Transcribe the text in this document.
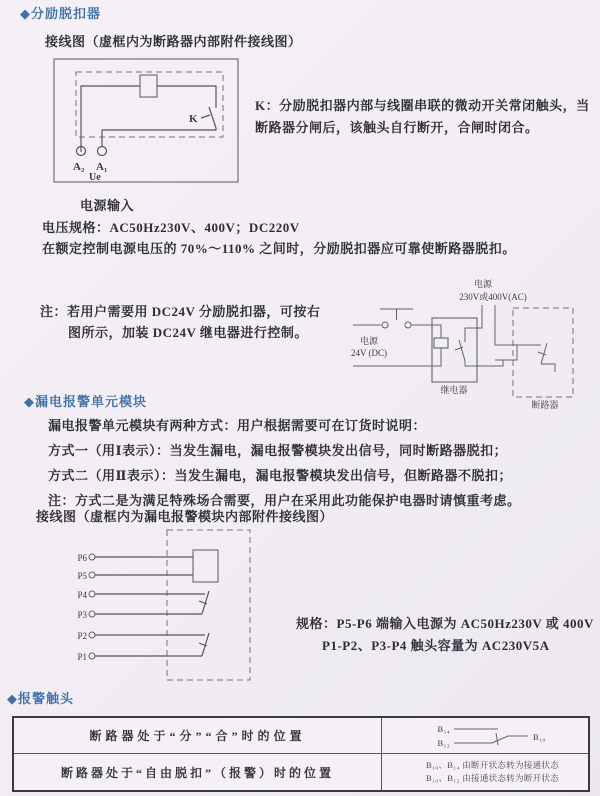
◆分励脱扣器
接线图（虚框内为断路器内部附件接线图）
K
A₂ A₁
Ue
电源输入
K：分励脱扣器内部与线圈串联的微动开关常闭触头，当断路器分闸后，该触头自行断开，合闸时闭合。
电压规格：AC50Hz230V、400V；DC220V
在额定控制电源电压的 70%～110% 之间时，分励脱扣器应可靠使断路器脱扣。
注：若用户需要用 DC24V 分励脱扣器，可按右
图所示，加装 DC24V 继电器进行控制。
电源
230V或400V(AC)
电源
24V (DC)
继电器
断路器
◆漏电报警单元模块
漏电报警单元模块有两种方式：用户根据需要可在订货时说明：
方式一（用Ⅰ表示）：当发生漏电，漏电报警模块发出信号，同时断路器脱扣；
方式二（用Ⅱ表示）：当发生漏电，漏电报警模块发出信号，但断路器不脱扣；
注：方式二是为满足特殊场合需要，用户在采用此功能保护电器时请慎重考虑。
接线图（虚框内为漏电报警模块内部附件接线图）
P6
P5
P4
P3
P2
P1
规格：P5-P6 端输入电源为 AC50Hz230V 或 400V
P1-P2、P3-P4 触头容量为 AC230V5A
◆报警触头
断路器处于“分”“合”时的位置
B₁₄
B₁₂
B₁₀
断路器处于“自由脱扣”（报警）时的位置
B₁₀、B₁₄ 由断开状态转为接通状态
B₁₀、B₁₂ 由接通状态转为断开状态
